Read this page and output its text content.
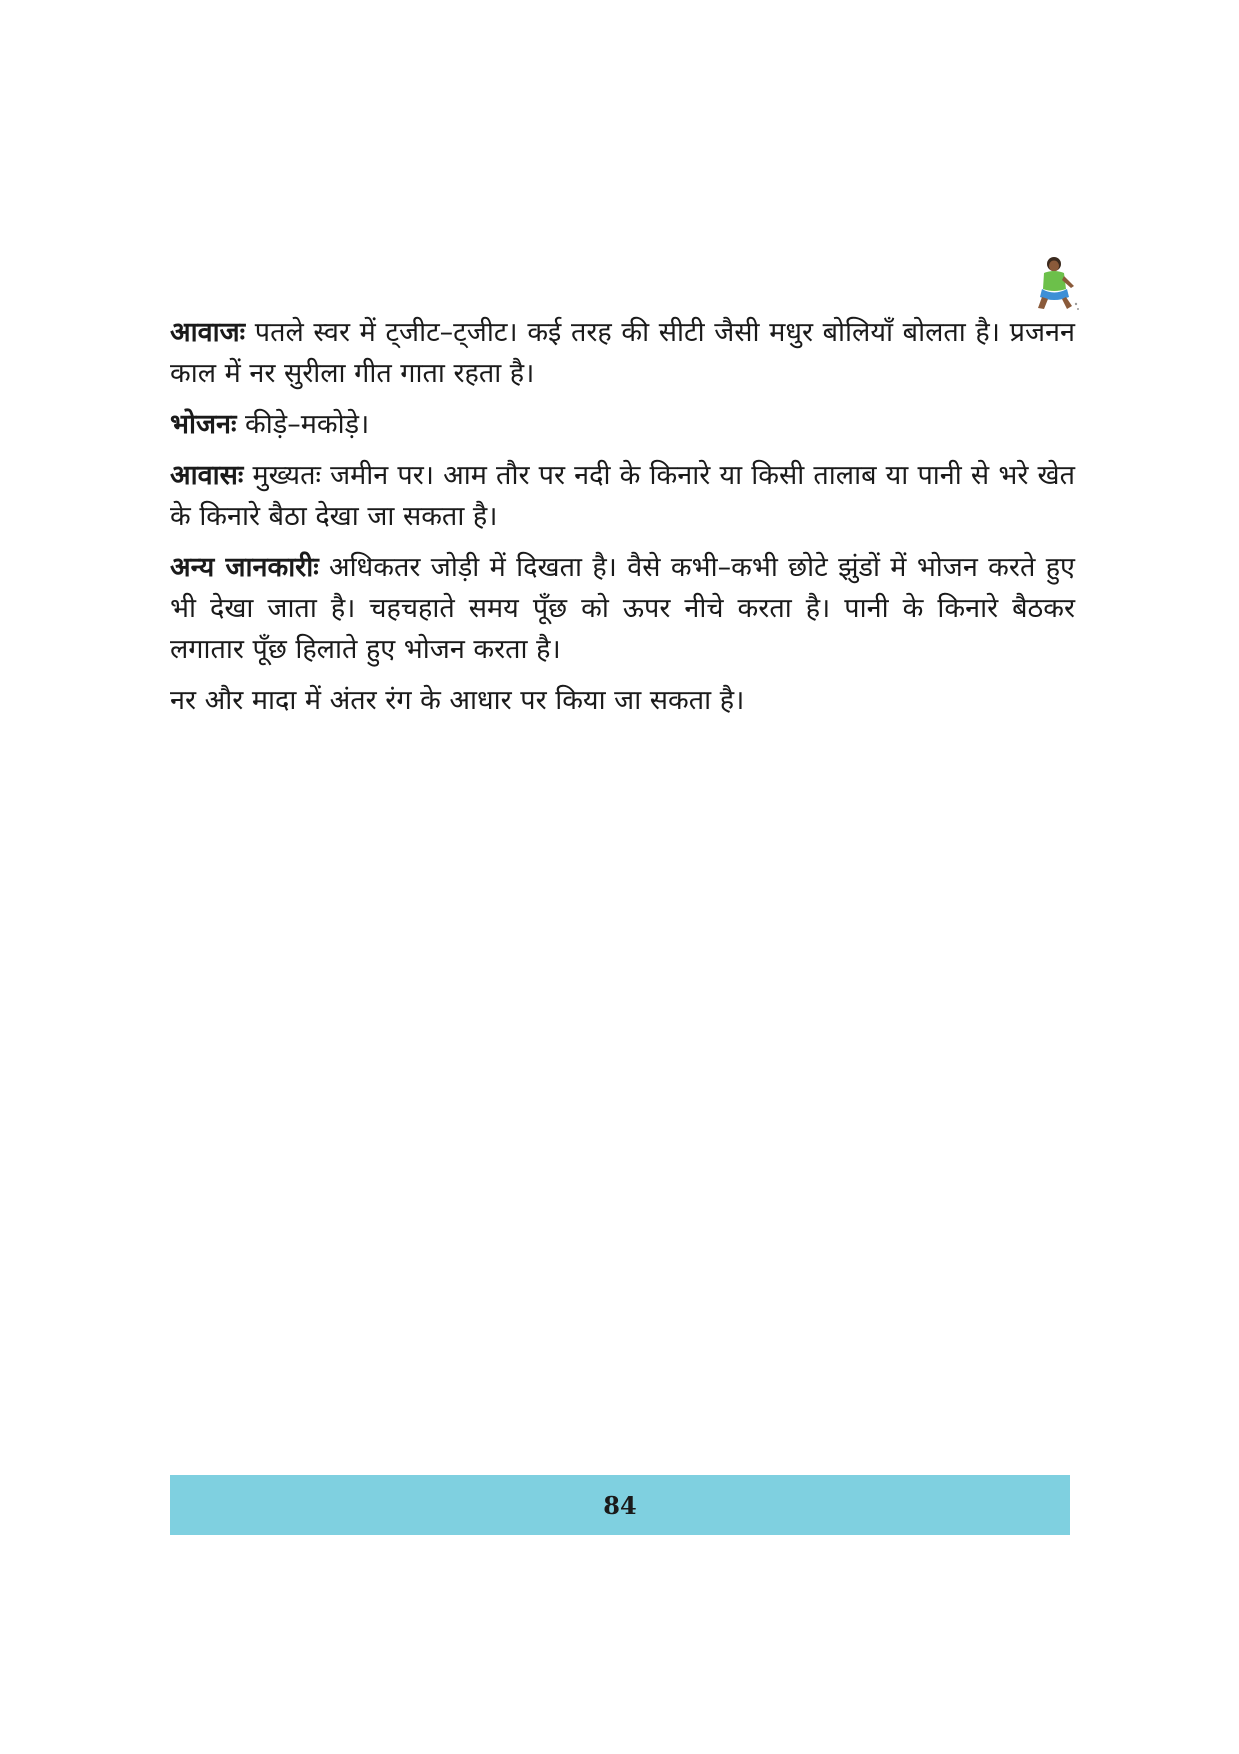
आवाजः पतले स्वर में ट्जीट–ट्जीट। कई तरह की सीटी जैसी मधुर बोलियाँ बोलता है। प्रजनन काल में नर सुरीला गीत गाता रहता है।

भोजनः कीड़े–मकोड़े।

आवासः मुख्यतः जमीन पर। आम तौर पर नदी के किनारे या किसी तालाब या पानी से भरे खेत के किनारे बैठा देखा जा सकता है।

अन्य जानकारीः अधिकतर जोड़ी में दिखता है। वैसे कभी–कभी छोटे झुंडों में भोजन करते हुए भी देखा जाता है। चहचहाते समय पूँछ को ऊपर नीचे करता है। पानी के किनारे बैठकर लगातार पूँछ हिलाते हुए भोजन करता है।

नर और मादा में अंतर रंग के आधार पर किया जा सकता है।

84
